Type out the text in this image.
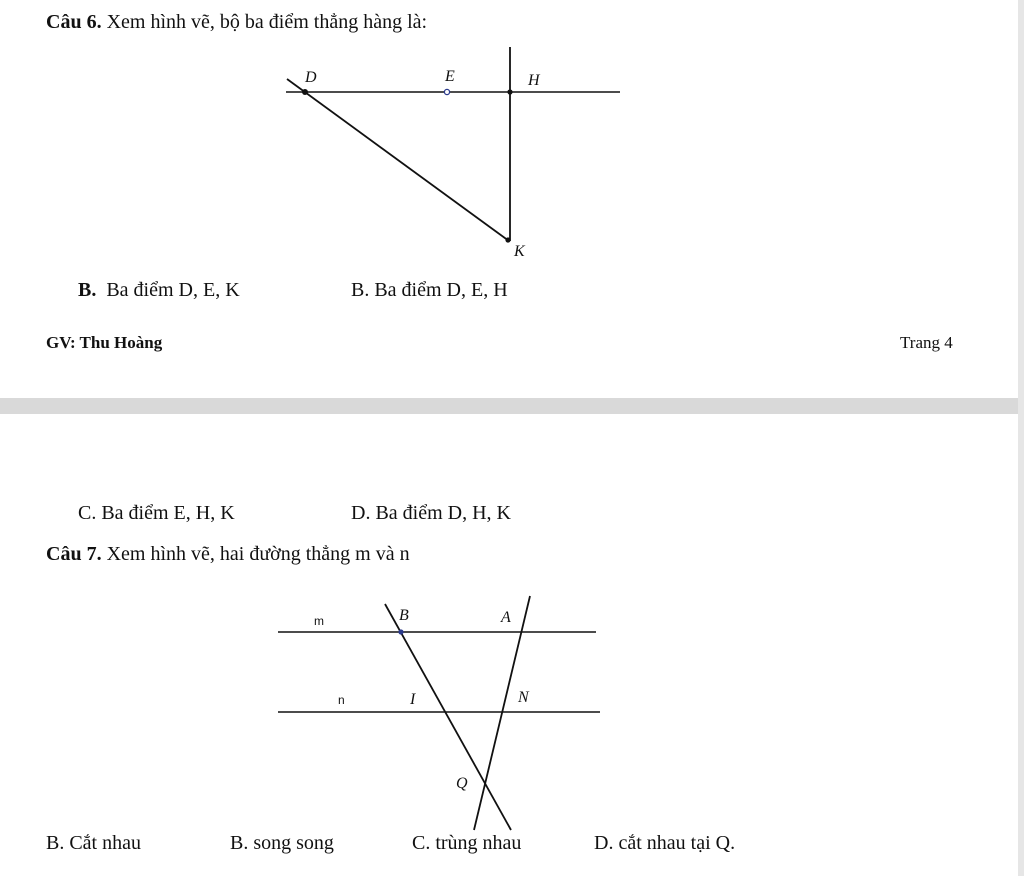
Câu 6. Xem hình vẽ, bộ ba điểm thẳng hàng là:
D	E	H
K
B. Ba điểm D, E, K	B. Ba điểm D, E, H
GV: Thu Hoàng	Trang 4
C. Ba điểm E, H, K	D. Ba điểm D, H, K
Câu 7. Xem hình vẽ, hai đường thẳng m và n
m
n
B	A
I	N
Q
B. Cắt nhau	B. song song	C. trùng nhau	D. cắt nhau tại Q.
